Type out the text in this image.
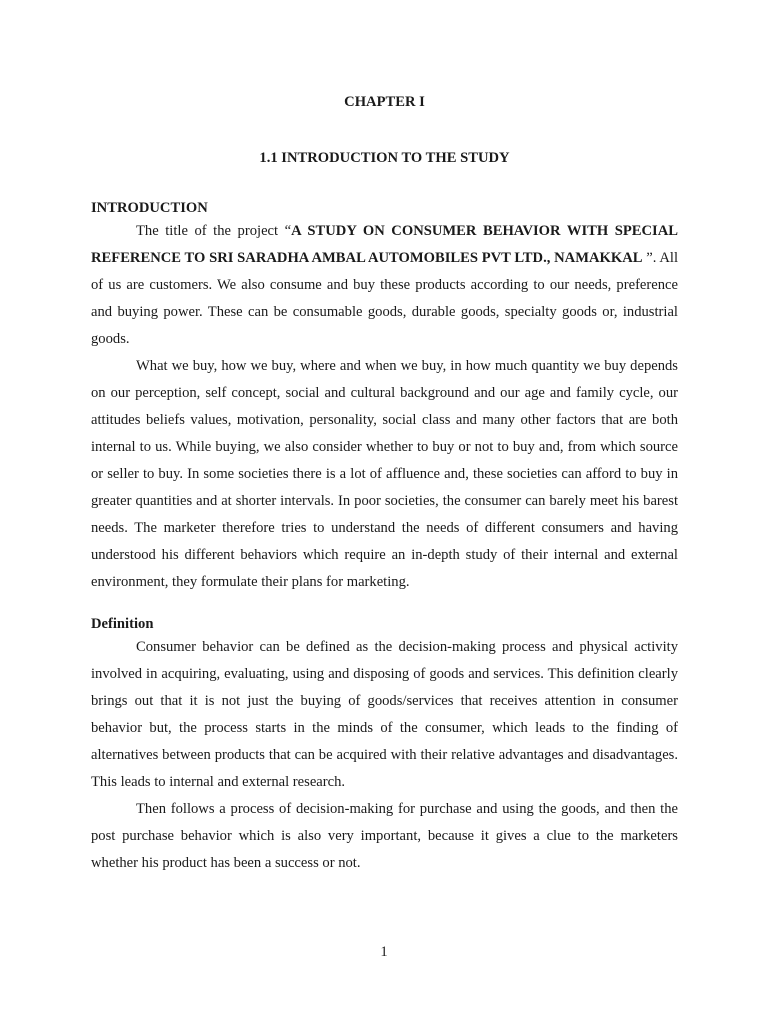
CHAPTER I
1.1 INTRODUCTION TO THE STUDY
INTRODUCTION

The title of the project “A STUDY ON CONSUMER BEHAVIOR WITH SPECIAL REFERENCE TO SRI SARADHA AMBAL AUTOMOBILES PVT LTD., NAMAKKAL ”. All of us are customers. We also consume and buy these products according to our needs, preference and buying power. These can be consumable goods, durable goods, specialty goods or, industrial goods.

What we buy, how we buy, where and when we buy, in how much quantity we buy depends on our perception, self concept, social and cultural background and our age and family cycle, our attitudes beliefs values, motivation, personality, social class and many other factors that are both internal to us. While buying, we also consider whether to buy or not to buy and, from which source or seller to buy. In some societies there is a lot of affluence and, these societies can afford to buy in greater quantities and at shorter intervals. In poor societies, the consumer can barely meet his barest needs. The marketer therefore tries to understand the needs of different consumers and having understood his different behaviors which require an in-depth study of their internal and external environment, they formulate their plans for marketing.

Definition

Consumer behavior can be defined as the decision-making process and physical activity involved in acquiring, evaluating, using and disposing of goods and services. This definition clearly brings out that it is not just the buying of goods/services that receives attention in consumer behavior but, the process starts in the minds of the consumer, which leads to the finding of alternatives between products that can be acquired with their relative advantages and disadvantages. This leads to internal and external research.

Then follows a process of decision-making for purchase and using the goods, and then the post purchase behavior which is also very important, because it gives a clue to the marketers whether his product has been a success or not.

1
